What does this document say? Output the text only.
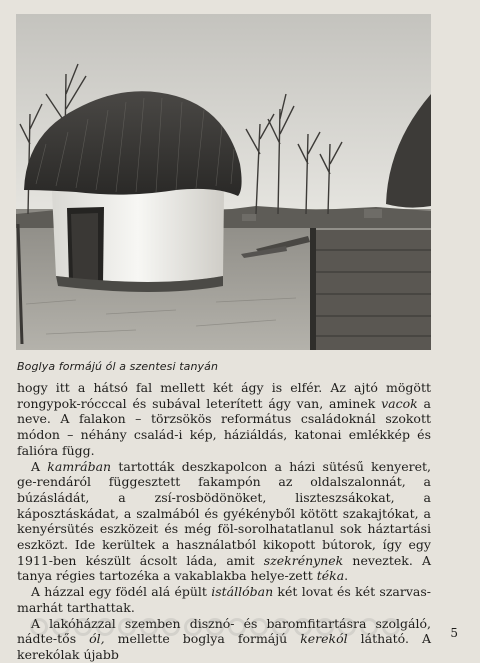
Boglya formájú ól a szentesi tanyán

hogy itt a hátsó fal mellett két ágy is elfér. Az ajtó mögött rongypok-rócccal és subával leterített ágy van, aminek vacok a neve. A falakon – törzsökös református családoknál szokott módon – néhány család-i kép, háziáldás, katonai emlékkép és falióra függ.

A kamrában tartották deszkapolcon a házi sütésű kenyeret, ge-rendáról függesztett fakampón az oldalszalonnát, a búzásládát, a zsí-rosbödönöket, liszteszsákokat, a káposztáskádat, a szalmából és gyékényből kötött szakajtókat, a kenyérsütés eszközeit és még föl-sorolhatatlanul sok háztartási eszközt. Ide kerültek a használatból kikopott bútorok, így egy 1911-ben készült ácsolt láda, amit szekrénynek neveztek. A tanya régies tartozéka a vakablakba helye-zett téka.

A házzal egy födél alá épült istállóban két lovat és két szarvas-marhát tarthattak.

A lakóházzal szemben disznó- és baromfitartásra szolgáló, nádte-tős ól, mellette boglya formájú kerekól látható. A kerekólak újabb

5
